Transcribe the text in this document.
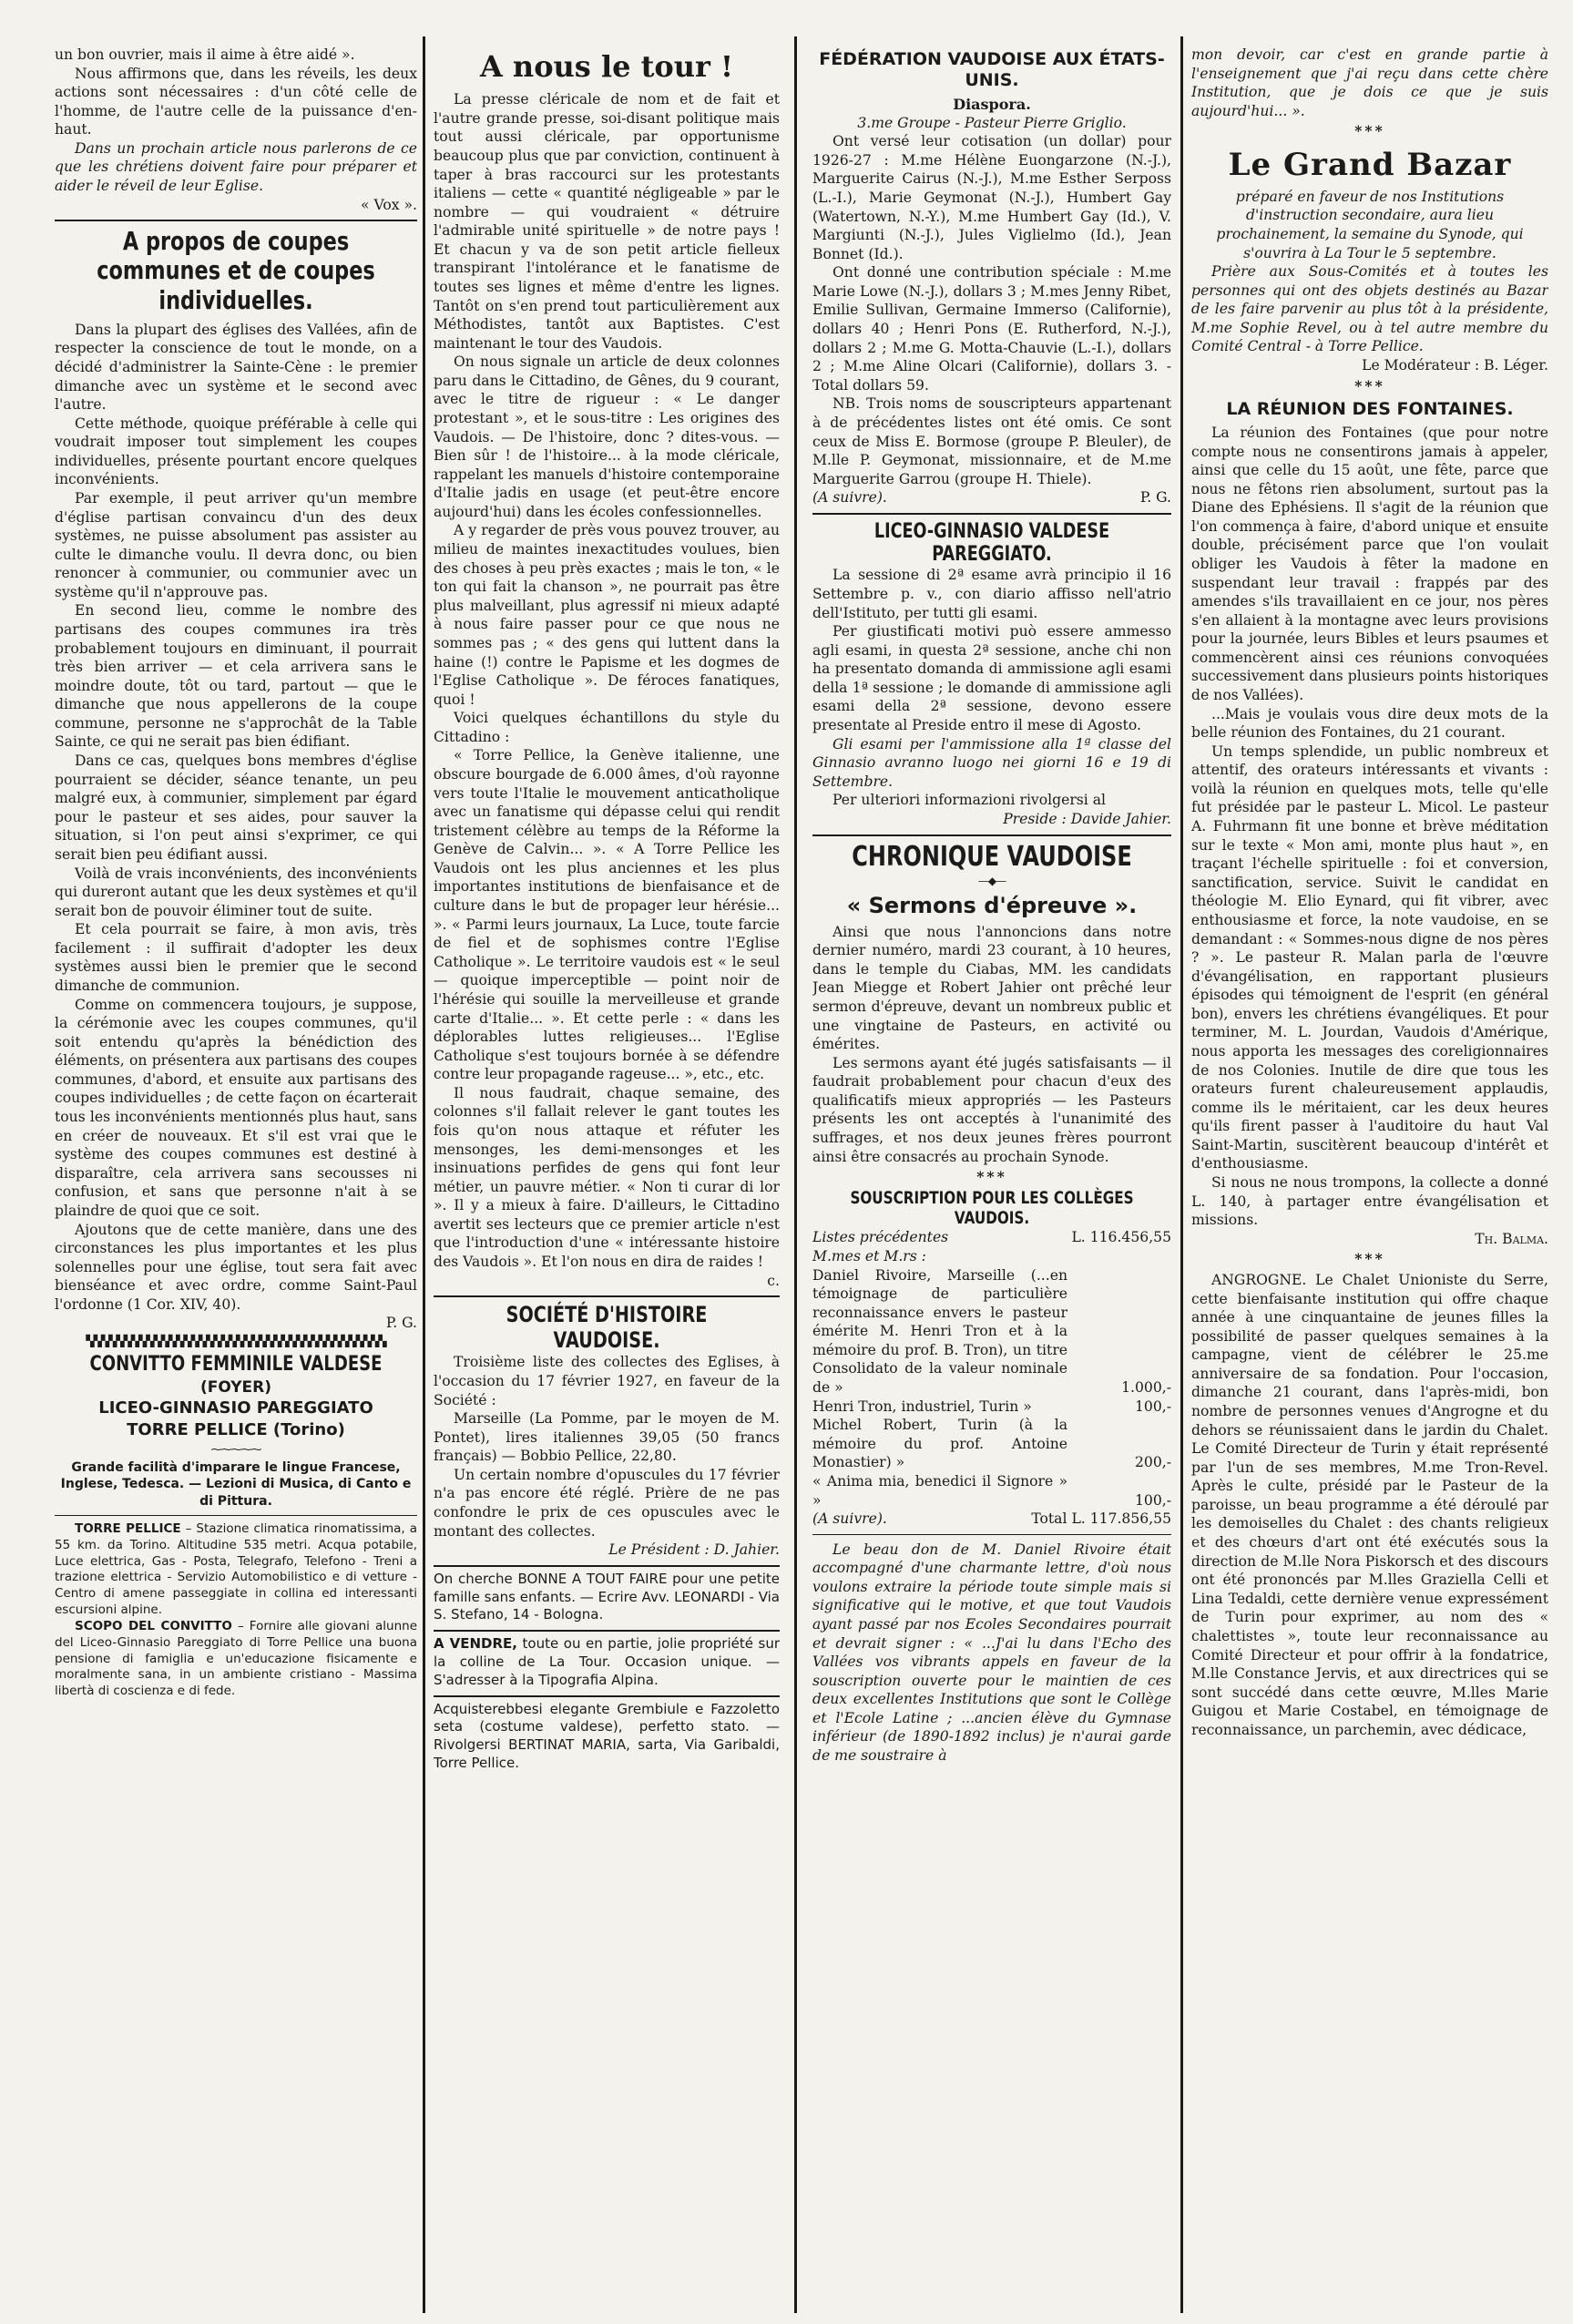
un bon ouvrier, mais il aime à être aidé ».

Nous affirmons que, dans les réveils, les deux actions sont nécessaires : d'un côté celle de l'homme, de l'autre celle de la puissance d'en-haut.

Dans un prochain article nous parlerons de ce que les chrétiens doivent faire pour préparer et aider le réveil de leur Eglise.

« Vox ».

A propos de coupes communes et de coupes individuelles.

Dans la plupart des églises des Vallées, afin de respecter la conscience de tout le monde, on a décidé d'administrer la Sainte-Cène : le premier dimanche avec un système et le second avec l'autre.

Cette méthode, quoique préférable à celle qui voudrait imposer tout simplement les coupes individuelles, présente pourtant encore quelques inconvénients.

Par exemple, il peut arriver qu'un membre d'église partisan convaincu d'un des deux systèmes, ne puisse absolument pas assister au culte le dimanche voulu. Il devra donc, ou bien renoncer à communier, ou communier avec un système qu'il n'approuve pas.

En second lieu, comme le nombre des partisans des coupes communes ira très probablement toujours en diminuant, il pourrait très bien arriver — et cela arrivera sans le moindre doute, tôt ou tard, partout — que le dimanche que nous appellerons de la coupe commune, personne ne s'approchât de la Table Sainte, ce qui ne serait pas bien édifiant.

Dans ce cas, quelques bons membres d'église pourraient se décider, séance tenante, un peu malgré eux, à communier, simplement par égard pour le pasteur et ses aides, pour sauver la situation, si l'on peut ainsi s'exprimer, ce qui serait bien peu édifiant aussi.

Voilà de vrais inconvénients, des inconvénients qui dureront autant que les deux systèmes et qu'il serait bon de pouvoir éliminer tout de suite.

Et cela pourrait se faire, à mon avis, très facilement : il suffirait d'adopter les deux systèmes aussi bien le premier que le second dimanche de communion.

Comme on commencera toujours, je suppose, la cérémonie avec les coupes communes, qu'il soit entendu qu'après la bénédiction des éléments, on présentera aux partisans des coupes communes, d'abord, et ensuite aux partisans des coupes individuelles ; de cette façon on écarterait tous les inconvénients mentionnés plus haut, sans en créer de nouveaux. Et s'il est vrai que le système des coupes communes est destiné à disparaître, cela arrivera sans secousses ni confusion, et sans que personne n'ait à se plaindre de quoi que ce soit.

Ajoutons que de cette manière, dans une des circonstances les plus importantes et les plus solennelles pour une église, tout sera fait avec bienséance et avec ordre, comme Saint-Paul l'ordonne (1 Cor. XIV, 40).

P. G.

▚▚▚▚▚▚▚▚▚▚▚▚▚▚▚▚▚▚▚▚▚▚▚▚▚▚▚▚▚▚▚▚▚▚▚▚▚▚▚▚
CONVITTO FEMMINILE VALDESE
(FOYER)
LICEO-GINNASIO PAREGGIATO
TORRE PELLICE (Torino)
⁓⁓⁓⁓⁓

Grande facilità d'imparare le lingue Francese, Inglese, Tedesca. — Lezioni di Musica, di Canto e di Pittura.

TORRE PELLICE – Stazione climatica rinomatissima, a 55 km. da Torino. Altitudine 535 metri. Acqua potabile, Luce elettrica, Gas - Posta, Telegrafo, Telefono - Treni a trazione elettrica - Servizio Automobilistico e di vetture - Centro di amene passeggiate in collina ed interessanti escursioni alpine.

SCOPO DEL CONVITTO – Fornire alle giovani alunne del Liceo-Ginnasio Pareggiato di Torre Pellice una buona pensione di famiglia e un'educazione fisicamente e moralmente sana, in un ambiente cristiano - Massima libertà di coscienza e di fede.

A nous le tour !

La presse cléricale de nom et de fait et l'autre grande presse, soi-disant politique mais tout aussi cléricale, par opportunisme beaucoup plus que par conviction, continuent à taper à bras raccourci sur les protestants italiens — cette « quantité négligeable » par le nombre — qui voudraient « détruire l'admirable unité spirituelle » de notre pays ! Et chacun y va de son petit article fielleux transpirant l'intolérance et le fanatisme de toutes ses lignes et même d'entre les lignes. Tantôt on s'en prend tout particulièrement aux Méthodistes, tantôt aux Baptistes. C'est maintenant le tour des Vaudois.

On nous signale un article de deux colonnes paru dans le Cittadino, de Gênes, du 9 courant, avec le titre de rigueur : « Le danger protestant », et le sous-titre : Les origines des Vaudois. — De l'histoire, donc ? dites-vous. — Bien sûr ! de l'histoire... à la mode cléricale, rappelant les manuels d'histoire contemporaine d'Italie jadis en usage (et peut-être encore aujourd'hui) dans les écoles confessionnelles.

A y regarder de près vous pouvez trouver, au milieu de maintes inexactitudes voulues, bien des choses à peu près exactes ; mais le ton, « le ton qui fait la chanson », ne pourrait pas être plus malveillant, plus agressif ni mieux adapté à nous faire passer pour ce que nous ne sommes pas ; « des gens qui luttent dans la haine (!) contre le Papisme et les dogmes de l'Eglise Catholique ». De féroces fanatiques, quoi !

Voici quelques échantillons du style du Cittadino :

« Torre Pellice, la Genève italienne, une obscure bourgade de 6.000 âmes, d'où rayonne vers toute l'Italie le mouvement anticatholique avec un fanatisme qui dépasse celui qui rendit tristement célèbre au temps de la Réforme la Genève de Calvin... ». « A Torre Pellice les Vaudois ont les plus anciennes et les plus importantes institutions de bienfaisance et de culture dans le but de propager leur hérésie... ». « Parmi leurs journaux, La Luce, toute farcie de fiel et de sophismes contre l'Eglise Catholique ». Le territoire vaudois est « le seul — quoique imperceptible — point noir de l'hérésie qui souille la merveilleuse et grande carte d'Italie... ». Et cette perle : « dans les déplorables luttes religieuses... l'Eglise Catholique s'est toujours bornée à se défendre contre leur propagande rageuse... », etc., etc.

Il nous faudrait, chaque semaine, des colonnes s'il fallait relever le gant toutes les fois qu'on nous attaque et réfuter les mensonges, les demi-mensonges et les insinuations perfides de gens qui font leur métier, un pauvre métier. « Non ti curar di lor ». Il y a mieux à faire. D'ailleurs, le Cittadino avertit ses lecteurs que ce premier article n'est que l'introduction d'une « intéressante histoire des Vaudois ». Et l'on nous en dira de raides !

c.

SOCIÉTÉ D'HISTOIRE VAUDOISE.

Troisième liste des collectes des Eglises, à l'occasion du 17 février 1927, en faveur de la Société :

Marseille (La Pomme, par le moyen de M. Pontet), lires italiennes 39,05 (50 francs français) — Bobbio Pellice, 22,80.

Un certain nombre d'opuscules du 17 février n'a pas encore été réglé. Prière de ne pas confondre le prix de ces opuscules avec le montant des collectes.

Le Président : D. Jahier.

On cherche BONNE A TOUT FAIRE pour une petite famille sans enfants. — Ecrire Avv. LEONARDI - Via S. Stefano, 14 - Bologna.

A VENDRE, toute ou en partie, jolie propriété sur la colline de La Tour. Occasion unique. — S'adresser à la Tipografia Alpina.

Acquisterebbesi elegante Grembiule e Fazzoletto seta (costume valdese), perfetto stato. — Rivolgersi BERTINAT MARIA, sarta, Via Garibaldi, Torre Pellice.

FÉDÉRATION VAUDOISE AUX ÉTATS-UNIS.
Diaspora.
3.me Groupe - Pasteur Pierre Griglio.

Ont versé leur cotisation (un dollar) pour 1926-27 : M.me Hélène Euongarzone (N.-J.), Marguerite Cairus (N.-J.), M.me Esther Serposs (L.-I.), Marie Geymonat (N.-J.), Humbert Gay (Watertown, N.-Y.), M.me Humbert Gay (Id.), V. Margiunti (N.-J.), Jules Viglielmo (Id.), Jean Bonnet (Id.).

Ont donné une contribution spéciale : M.me Marie Lowe (N.-J.), dollars 3 ; M.mes Jenny Ribet, Emilie Sullivan, Germaine Immerso (Californie), dollars 40 ; Henri Pons (E. Rutherford, N.-J.), dollars 2 ; M.me G. Motta-Chauvie (L.-I.), dollars 2 ; M.me Aline Olcari (Californie), dollars 3. - Total dollars 59.

NB. Trois noms de souscripteurs appartenant à de précédentes listes ont été omis. Ce sont ceux de Miss E. Bormose (groupe P. Bleuler), de M.lle P. Geymonat, missionnaire, et de M.me Marguerite Garrou (groupe H. Thiele).

(A suivre).	P. G.
LICEO-GINNASIO VALDESE PAREGGIATO.

La sessione di 2ª esame avrà principio il 16 Settembre p. v., con diario affisso nell'atrio dell'Istituto, per tutti gli esami.

Per giustificati motivi può essere ammesso agli esami, in questa 2ª sessione, anche chi non ha presentato domanda di ammissione agli esami della 1ª sessione ; le domande di ammissione agli esami della 2ª sessione, devono essere presentate al Preside entro il mese di Agosto.

Gli esami per l'ammissione alla 1ª classe del Ginnasio avranno luogo nei giorni 16 e 19 di Settembre.

Per ulteriori informazioni rivolgersi al

Preside : Davide Jahier.

CHRONIQUE VAUDOISE
—◆—
« Sermons d'épreuve ».

Ainsi que nous l'annoncions dans notre dernier numéro, mardi 23 courant, à 10 heures, dans le temple du Ciabas, MM. les candidats Jean Miegge et Robert Jahier ont prêché leur sermon d'épreuve, devant un nombreux public et une vingtaine de Pasteurs, en activité ou émérites.

Les sermons ayant été jugés satisfaisants — il faudrait probablement pour chacun d'eux des qualificatifs mieux appropriés — les Pasteurs présents les ont acceptés à l'unanimité des suffrages, et nos deux jeunes frères pourront ainsi être consacrés au prochain Synode.

***
SOUSCRIPTION POUR LES COLLÈGES VAUDOIS.
Listes précédentes	L. 116.456,55
M.mes et M.rs :
Daniel Rivoire, Marseille (...en témoignage de particulière reconnaissance envers le pasteur émérite M. Henri Tron et à la mémoire du prof. B. Tron), un titre Consolidato de la valeur nominale de »	1.000,-
Henri Tron, industriel, Turin »	100,-
Michel Robert, Turin (à la mémoire du prof. Antoine Monastier) »	200,-
« Anima mia, benedici il Signore » »	100,-
(A suivre).	Total L. 117.856,55

Le beau don de M. Daniel Rivoire était accompagné d'une charmante lettre, d'où nous voulons extraire la période toute simple mais si significative qui le motive, et que tout Vaudois ayant passé par nos Ecoles Secondaires pourrait et devrait signer : « ...J'ai lu dans l'Echo des Vallées vos vibrants appels en faveur de la souscription ouverte pour le maintien de ces deux excellentes Institutions que sont le Collège et l'Ecole Latine ; ...ancien élève du Gymnase inférieur (de 1890-1892 inclus) je n'aurai garde de me soustraire à

mon devoir, car c'est en grande partie à l'enseignement que j'ai reçu dans cette chère Institution, que je dois ce que je suis aujourd'hui... ».

***
Le Grand Bazar

préparé en faveur de nos Institutions d'instruction secondaire, aura lieu prochainement, la semaine du Synode, qui s'ouvrira à La Tour le 5 septembre.

Prière aux Sous-Comités et à toutes les personnes qui ont des objets destinés au Bazar de les faire parvenir au plus tôt à la présidente, M.me Sophie Revel, ou à tel autre membre du Comité Central - à Torre Pellice.

Le Modérateur : B. Léger.

***
LA RÉUNION DES FONTAINES.

La réunion des Fontaines (que pour notre compte nous ne consentirons jamais à appeler, ainsi que celle du 15 août, une fête, parce que nous ne fêtons rien absolument, surtout pas la Diane des Ephésiens. Il s'agit de la réunion que l'on commença à faire, d'abord unique et ensuite double, précisément parce que l'on voulait obliger les Vaudois à fêter la madone en suspendant leur travail : frappés par des amendes s'ils travaillaient en ce jour, nos pères s'en allaient à la montagne avec leurs provisions pour la journée, leurs Bibles et leurs psaumes et commencèrent ainsi ces réunions convoquées successivement dans plusieurs points historiques de nos Vallées).

...Mais je voulais vous dire deux mots de la belle réunion des Fontaines, du 21 courant.

Un temps splendide, un public nombreux et attentif, des orateurs intéressants et vivants : voilà la réunion en quelques mots, telle qu'elle fut présidée par le pasteur L. Micol. Le pasteur A. Fuhrmann fit une bonne et brève méditation sur le texte « Mon ami, monte plus haut », en traçant l'échelle spirituelle : foi et conversion, sanctification, service. Suivit le candidat en théologie M. Elio Eynard, qui fit vibrer, avec enthousiasme et force, la note vaudoise, en se demandant : « Sommes-nous digne de nos pères ? ». Le pasteur R. Malan parla de l'œuvre d'évangélisation, en rapportant plusieurs épisodes qui témoignent de l'esprit (en général bon), envers les chrétiens évangéliques. Et pour terminer, M. L. Jourdan, Vaudois d'Amérique, nous apporta les messages des coreligionnaires de nos Colonies. Inutile de dire que tous les orateurs furent chaleureusement applaudis, comme ils le méritaient, car les deux heures qu'ils firent passer à l'auditoire du haut Val Saint-Martin, suscitèrent beaucoup d'intérêt et d'enthousiasme.

Si nous ne nous trompons, la collecte a donné L. 140, à partager entre évangélisation et missions.

Th. Balma.

***

ANGROGNE. Le Chalet Unioniste du Serre, cette bienfaisante institution qui offre chaque année à une cinquantaine de jeunes filles la possibilité de passer quelques semaines à la campagne, vient de célébrer le 25.me anniversaire de sa fondation. Pour l'occasion, dimanche 21 courant, dans l'après-midi, bon nombre de personnes venues d'Angrogne et du dehors se réunissaient dans le jardin du Chalet. Le Comité Directeur de Turin y était représenté par l'un de ses membres, M.me Tron-Revel. Après le culte, présidé par le Pasteur de la paroisse, un beau programme a été déroulé par les demoiselles du Chalet : des chants religieux et des chœurs d'art ont été exécutés sous la direction de M.lle Nora Piskorsch et des discours ont été prononcés par M.lles Graziella Celli et Lina Tedaldi, cette dernière venue expressément de Turin pour exprimer, au nom des « chalettistes », toute leur reconnaissance au Comité Directeur et pour offrir à la fondatrice, M.lle Constance Jervis, et aux directrices qui se sont succédé dans cette œuvre, M.lles Marie Guigou et Marie Costabel, en témoignage de reconnaissance, un parchemin, avec dédicace,
